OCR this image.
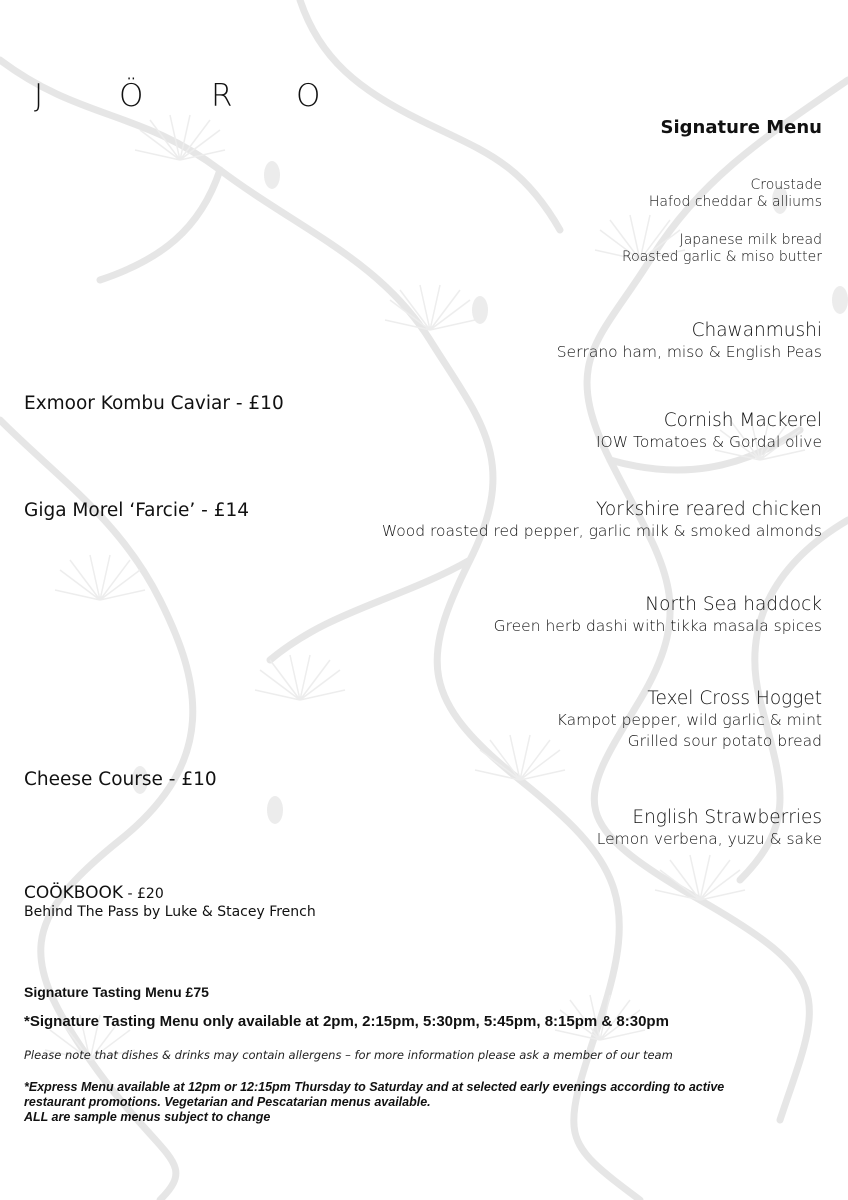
J Ö R O
Signature Menu
Croustade
Hafod cheddar & alliums
Japanese milk bread
Roasted garlic & miso butter
Chawanmushi
Serrano ham, miso & English Peas
Cornish Mackerel
IOW Tomatoes & Gordal olive
Yorkshire reared chicken
Wood roasted red pepper, garlic milk & smoked almonds
North Sea haddock
Green herb dashi with tikka masala spices
Texel Cross Hogget
Kampot pepper, wild garlic & mint
Grilled sour potato bread
English Strawberries
Lemon verbena, yuzu & sake
Exmoor Kombu Caviar - £10
Giga Morel ‘Farcie’ - £14
Cheese Course - £10
COÖKBOOK - £20
Behind The Pass by Luke & Stacey French
Signature Tasting Menu £75
*Signature Tasting Menu only available at 2pm, 2:15pm, 5:30pm, 5:45pm, 8:15pm & 8:30pm
Please note that dishes & drinks may contain allergens – for more information please ask a member of our team
*Express Menu available at 12pm or 12:15pm Thursday to Saturday and at selected early evenings according to active
restaurant promotions. Vegetarian and Pescatarian menus available.
ALL are sample menus subject to change
